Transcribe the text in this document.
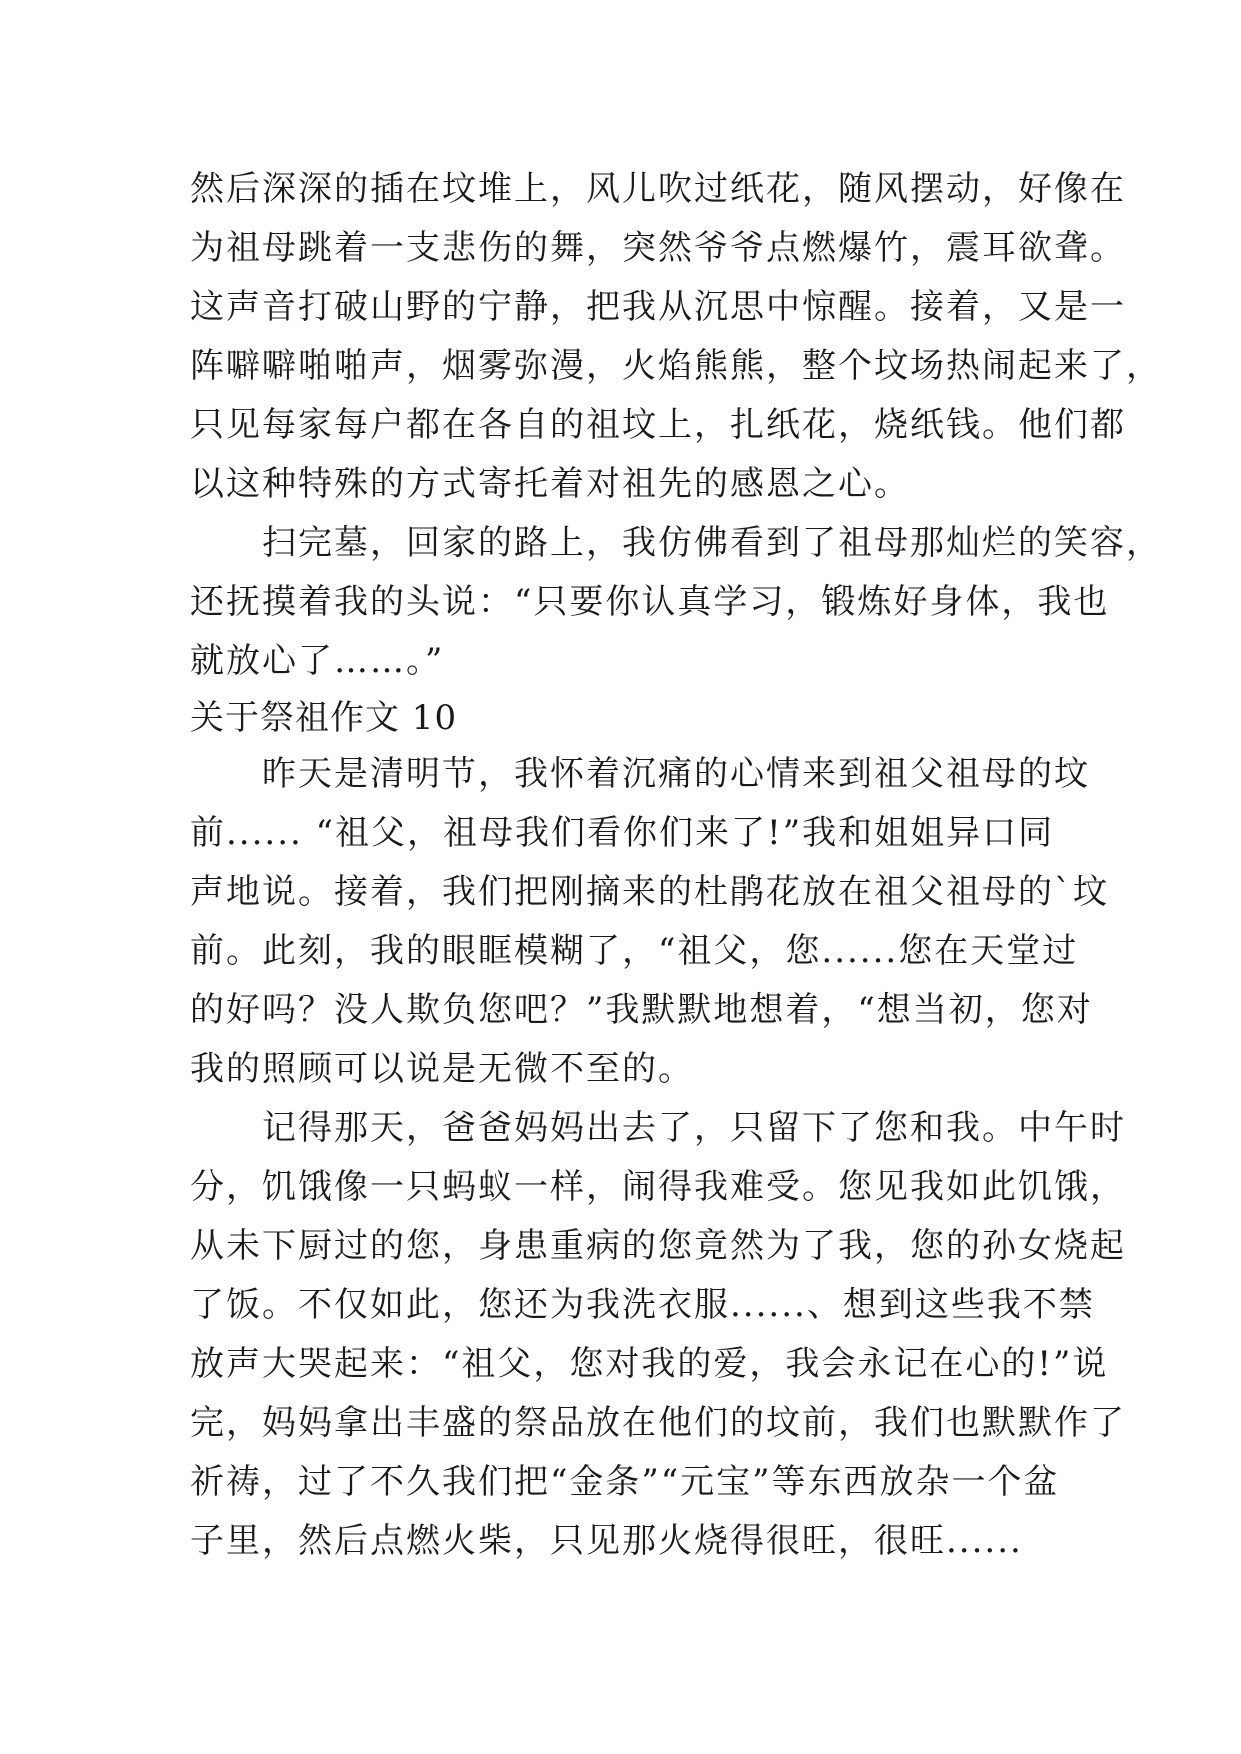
然后深深的插在坟堆上，风儿吹过纸花，随风摆动，好像在
为祖母跳着一支悲伤的舞，突然爷爷点燃爆竹，震耳欲聋。
这声音打破山野的宁静，把我从沉思中惊醒。接着，又是一
阵噼噼啪啪声，烟雾弥漫，火焰熊熊，整个坟场热闹起来了，
只见每家每户都在各自的祖坟上，扎纸花，烧纸钱。他们都
以这种特殊的方式寄托着对祖先的感恩之心。
　　扫完墓，回家的路上，我仿佛看到了祖母那灿烂的笑容，
还抚摸着我的头说：“只要你认真学习，锻炼好身体，我也
就放心了……。”
关于祭祖作文 10
　　昨天是清明节，我怀着沉痛的心情来到祖父祖母的坟
前...... “祖父，祖母我们看你们来了!”我和姐姐异口同
声地说。接着，我们把刚摘来的杜鹃花放在祖父祖母的`坟
前。此刻，我的眼眶模糊了，“祖父，您......您在天堂过
的好吗？没人欺负您吧？”我默默地想着，“想当初，您对
我的照顾可以说是无微不至的。
　　记得那天，爸爸妈妈出去了，只留下了您和我。中午时
分，饥饿像一只蚂蚁一样，闹得我难受。您见我如此饥饿，
从未下厨过的您，身患重病的您竟然为了我，您的孙女烧起
了饭。不仅如此，您还为我洗衣服......、想到这些我不禁
放声大哭起来：“祖父，您对我的爱，我会永记在心的!”说
完，妈妈拿出丰盛的祭品放在他们的坟前，我们也默默作了
祈祷，过了不久我们把“金条”“元宝”等东西放杂一个盆
子里，然后点燃火柴，只见那火烧得很旺，很旺......
